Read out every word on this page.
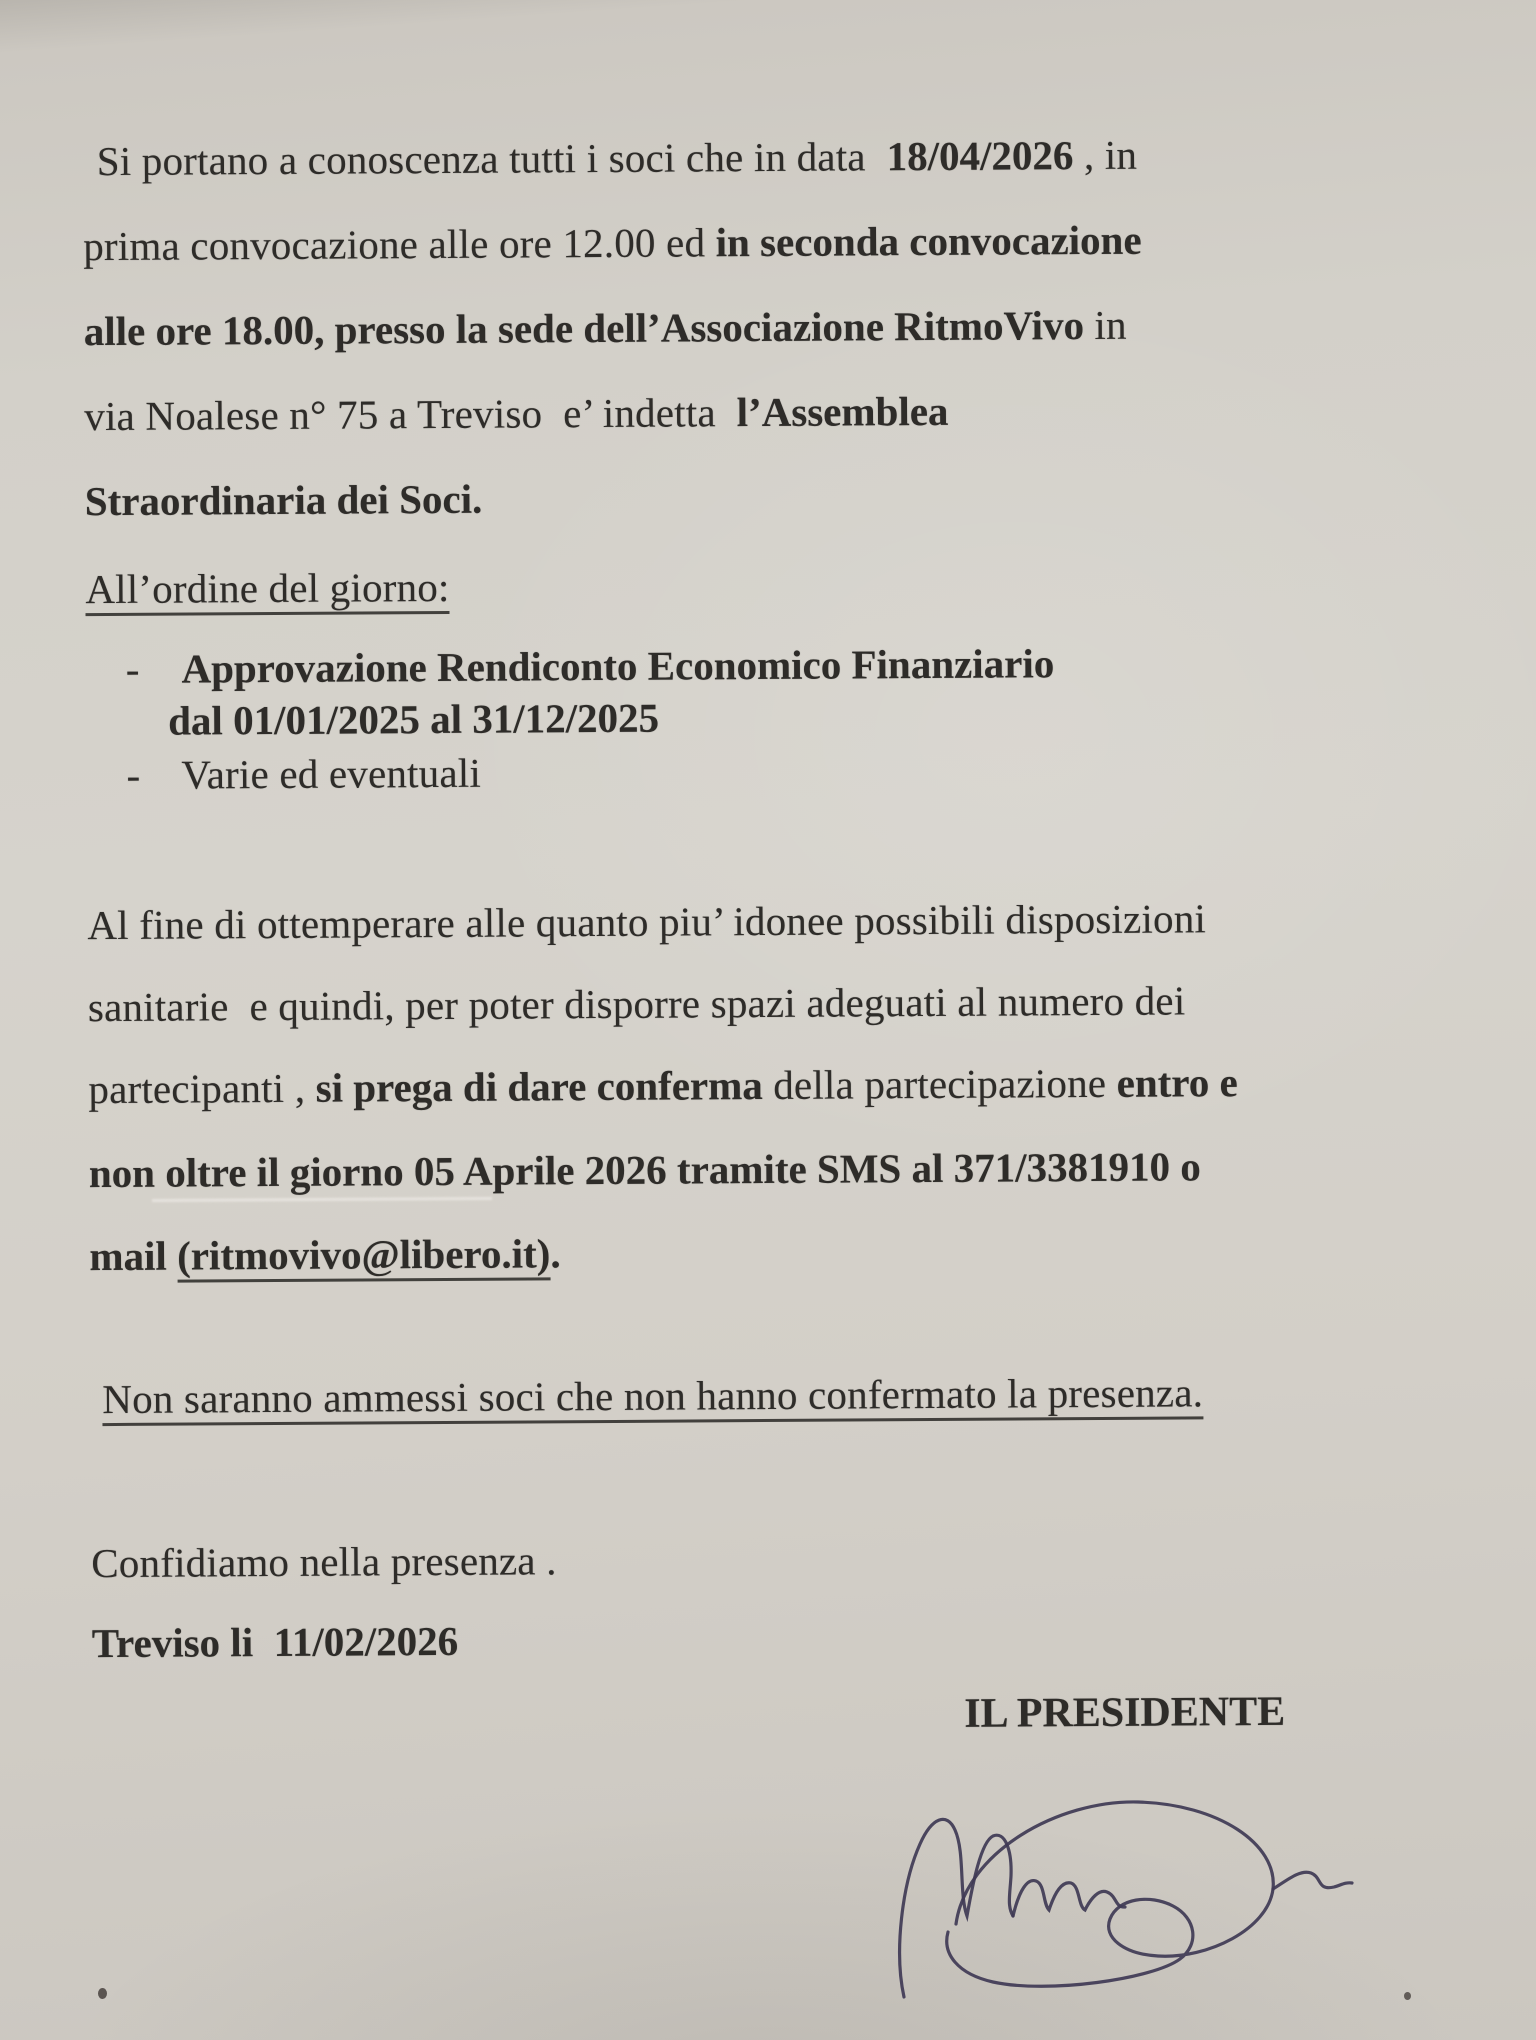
Si portano a conoscenza tutti i soci che in data  18/04/2026 , in
prima convocazione alle ore 12.00 ed in seconda convocazione
alle ore 18.00, presso la sede dell’Associazione RitmoVivo in
via Noalese n° 75 a Treviso  e’ indetta  l’Assemblea
Straordinaria dei Soci.
All’ordine del giorno:
-    Approvazione Rendiconto Economico Finanziario
dal 01/01/2025 al 31/12/2025
-    Varie ed eventuali
Al fine di ottemperare alle quanto piu’ idonee possibili disposizioni
sanitarie  e quindi, per poter disporre spazi adeguati al numero dei
partecipanti , si prega di dare conferma della partecipazione entro e
non oltre il giorno 05 Aprile 2026 tramite SMS al 371/3381910 o
mail (ritmovivo@libero.it).
Non saranno ammessi soci che non hanno confermato la presenza.
Confidiamo nella presenza .
Treviso li  11/02/2026
IL PRESIDENTE
